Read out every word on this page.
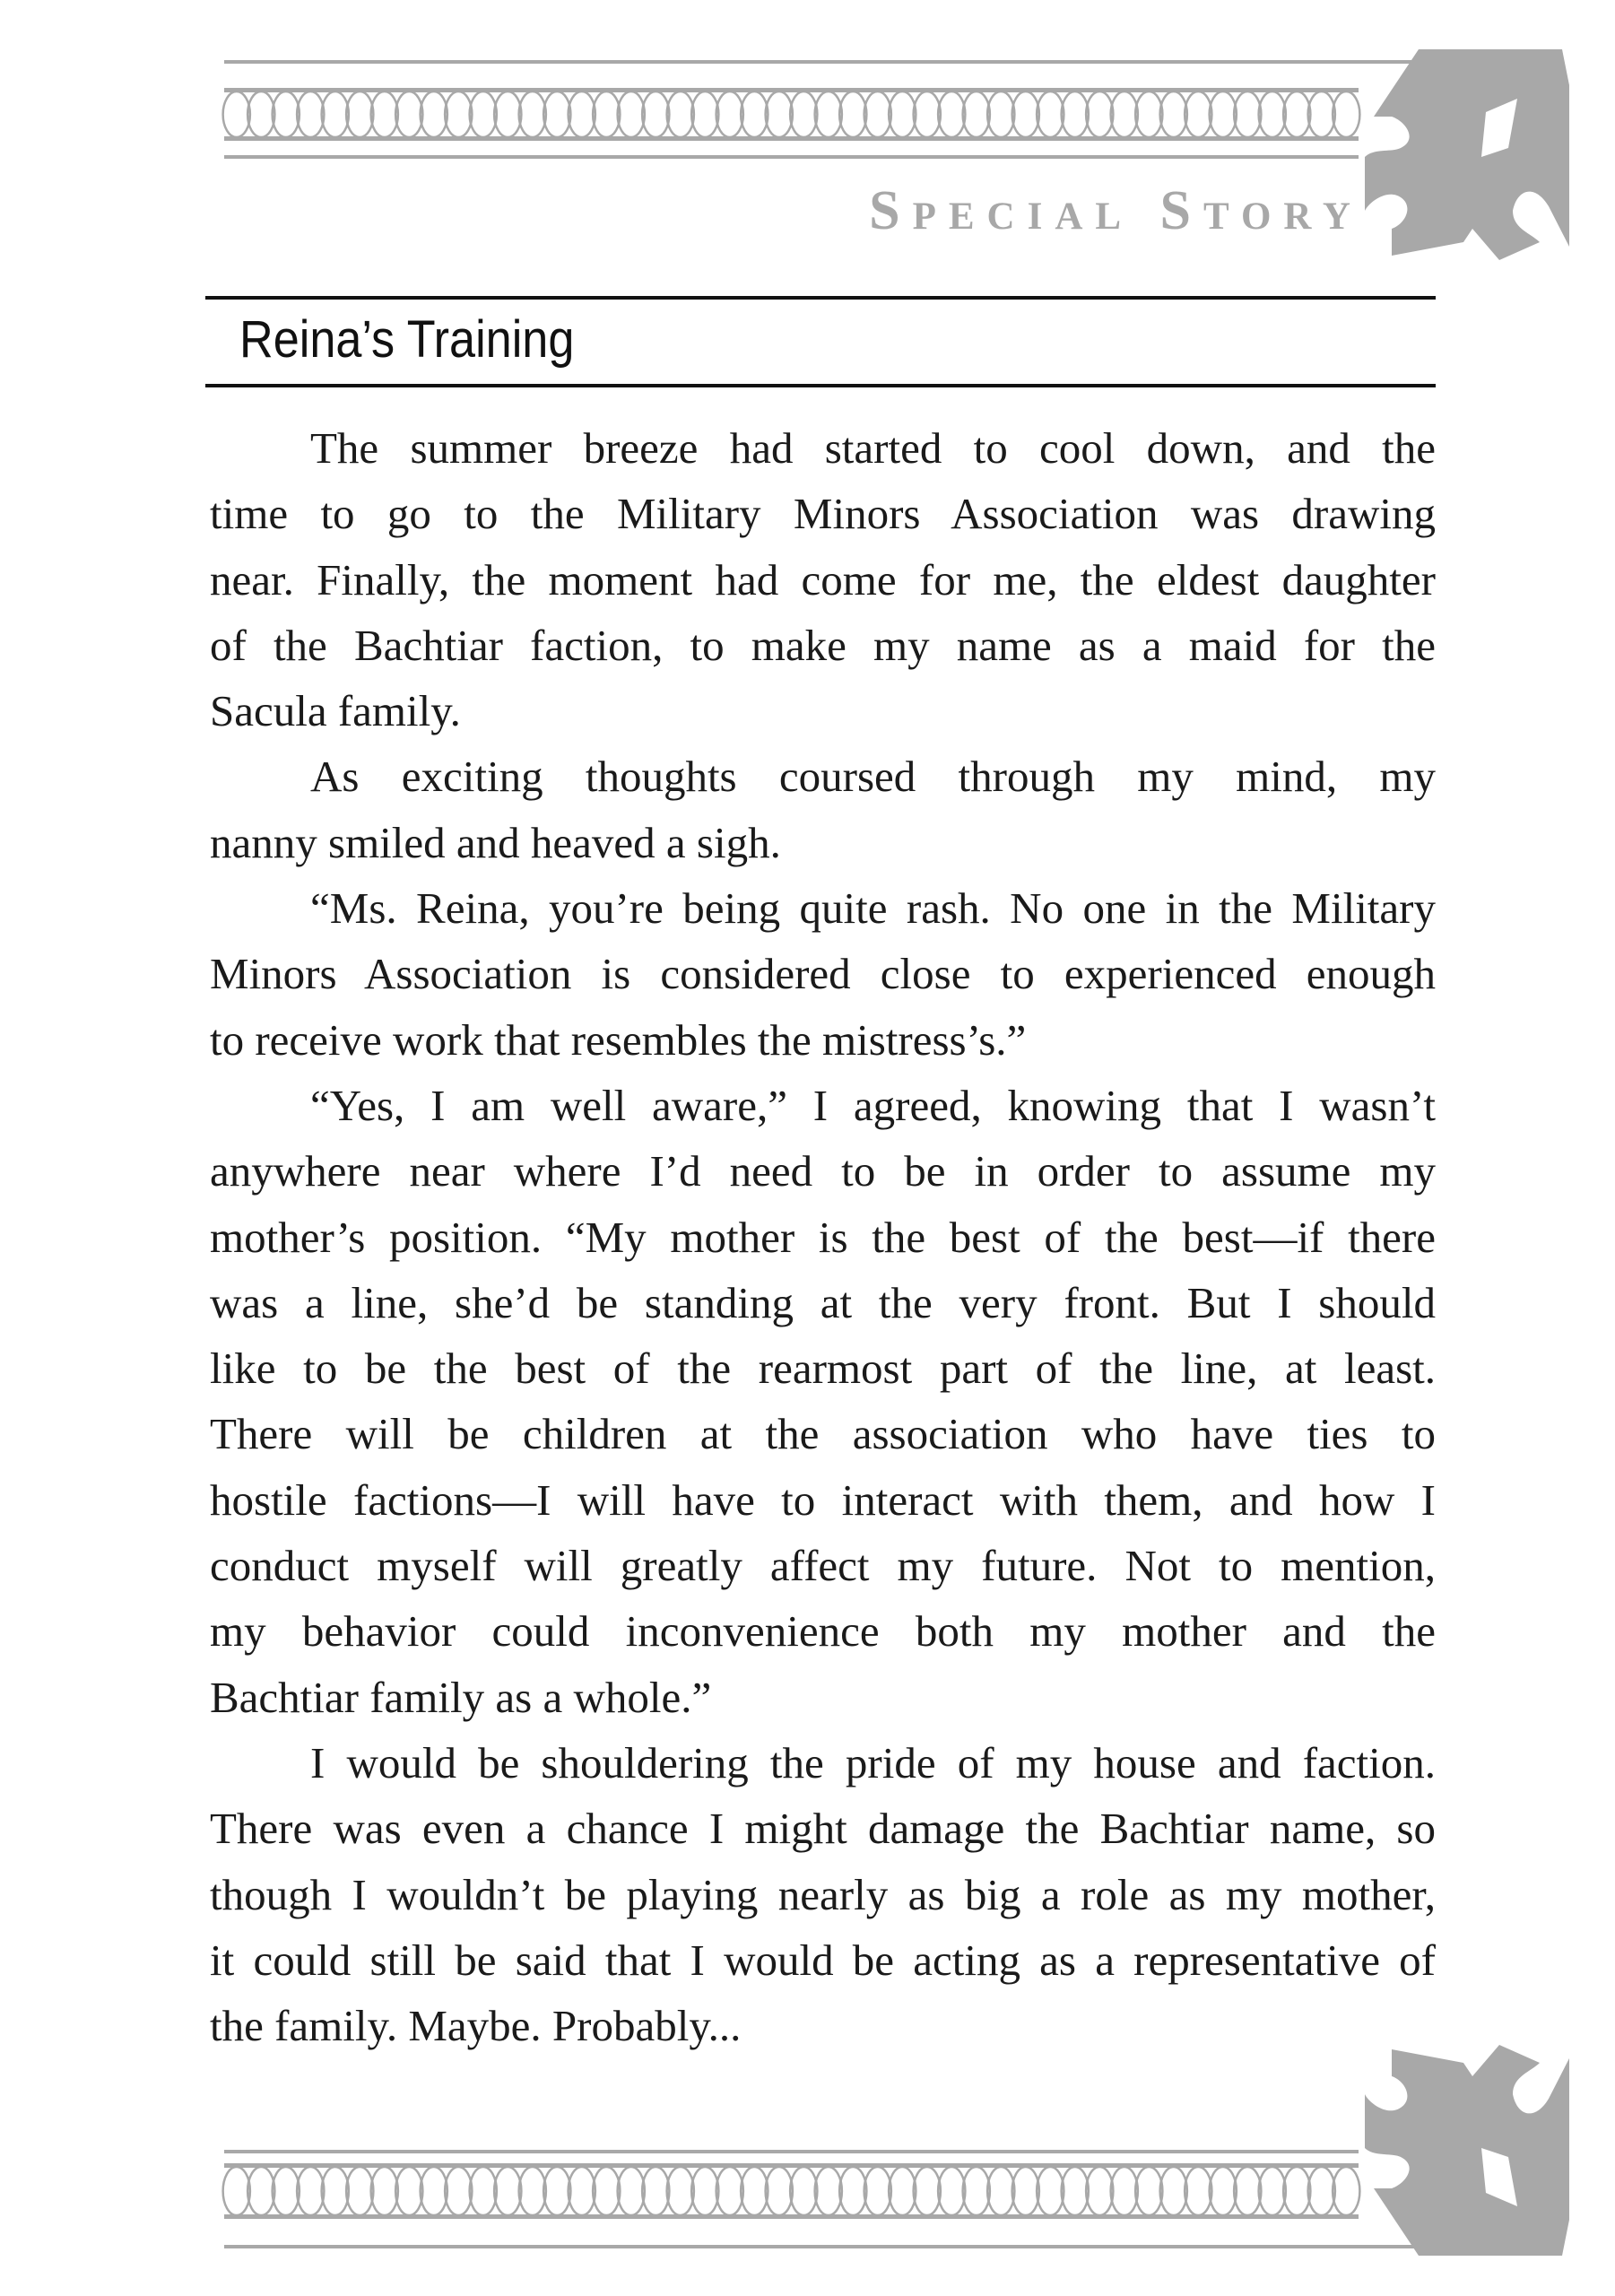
Special Story
Reina’s Training
The summer breeze had started to cool down, and the
time to go to the Military Minors Association was drawing
near. Finally, the moment had come for me, the eldest daughter
of the Bachtiar faction, to make my name as a maid for the
Sacula family.
As exciting thoughts coursed through my mind, my
nanny smiled and heaved a sigh.
“Ms. Reina, you’re being quite rash. No one in the Military
Minors Association is considered close to experienced enough
to receive work that resembles the mistress’s.”
“Yes, I am well aware,” I agreed, knowing that I wasn’t
anywhere near where I’d need to be in order to assume my
mother’s position. “My mother is the best of the best—if there
was a line, she’d be standing at the very front. But I should
like to be the best of the rearmost part of the line, at least.
There will be children at the association who have ties to
hostile factions—I will have to interact with them, and how I
conduct myself will greatly affect my future. Not to mention,
my behavior could inconvenience both my mother and the
Bachtiar family as a whole.”
I would be shouldering the pride of my house and faction.
There was even a chance I might damage the Bachtiar name, so
though I wouldn’t be playing nearly as big a role as my mother,
it could still be said that I would be acting as a representative of
the family. Maybe. Probably...
